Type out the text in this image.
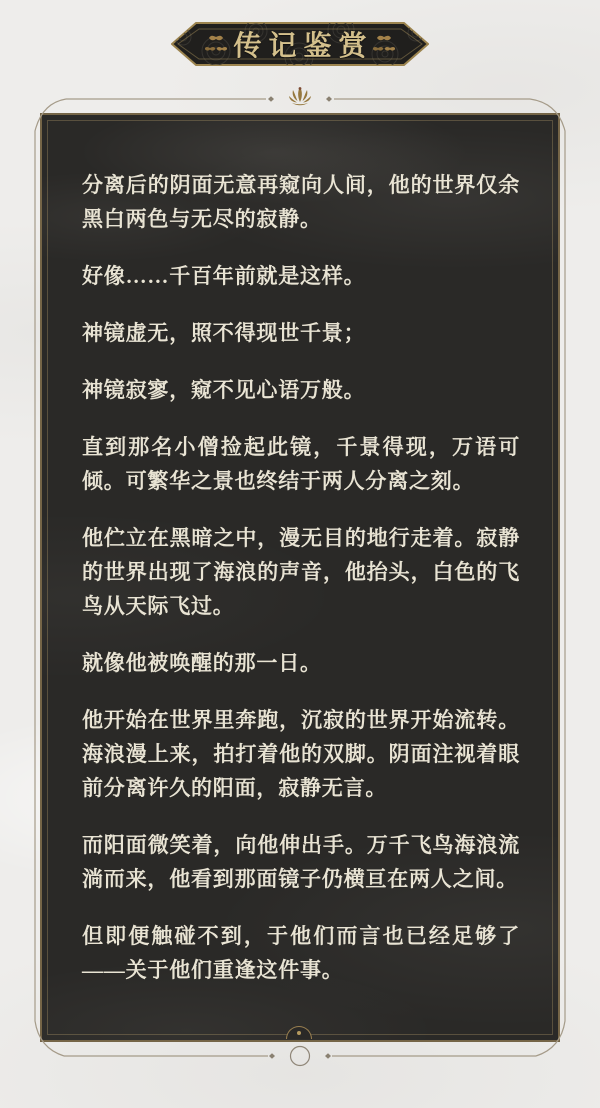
分离后的阴面无意再窥向人间，他的世界仅余黑白两色与无尽的寂静。

好像……千百年前就是这样。

神镜虚无，照不得现世千景；

神镜寂寥，窥不见心语万般。

直到那名小僧捡起此镜，千景得现，万语可倾。可繁华之景也终结于两人分离之刻。

他伫立在黑暗之中，漫无目的地行走着。寂静的世界出现了海浪的声音，他抬头，白色的飞鸟从天际飞过。

就像他被唤醒的那一日。

他开始在世界里奔跑，沉寂的世界开始流转。海浪漫上来，拍打着他的双脚。阴面注视着眼前分离许久的阳面，寂静无言。

而阳面微笑着，向他伸出手。万千飞鸟海浪流淌而来，他看到那面镜子仍横亘在两人之间。

但即便触碰不到，于他们而言也已经足够了——关于他们重逢这件事。

传记鉴赏
